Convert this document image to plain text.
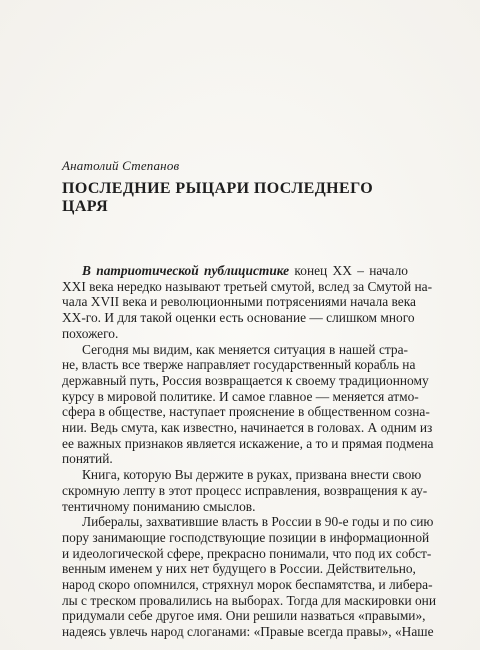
Анатолий Степанов
ПОСЛЕДНИЕ РЫЦАРИ ПОСЛЕДНЕГО ЦАРЯ
В патриотической публицистике конец XX – начало
XXI века нередко называют третьей смутой, вслед за Смутой на-
чала XVII века и революционными потрясениями начала века
XX-го. И для такой оценки есть основание — слишком много
похожего.
Сегодня мы видим, как меняется ситуация в нашей стра-
не, власть все тверже направляет государственный корабль на
державный путь, Россия возвращается к своему традиционному
курсу в мировой политике. И самое главное — меняется атмо-
сфера в обществе, наступает прояснение в общественном созна-
нии. Ведь смута, как известно, начинается в головах. А одним из
ее важных признаков является искажение, а то и прямая подмена
понятий.
Книга, которую Вы держите в руках, призвана внести свою
скромную лепту в этот процесс исправления, возвращения к ау-
тентичному пониманию смыслов.
Либералы, захватившие власть в России в 90-е годы и по сию
пору занимающие господствующие позиции в информационной
и идеологической сфере, прекрасно понимали, что под их собст-
венным именем у них нет будущего в России. Действительно,
народ скоро опомнился, стряхнул морок беспамятства, и либера-
лы с треском провалились на выборах. Тогда для маскировки они
придумали себе другое имя. Они решили назваться «правыми»,
надеясь увлечь народ слоганами: «Правые всегда правы», «Наше
